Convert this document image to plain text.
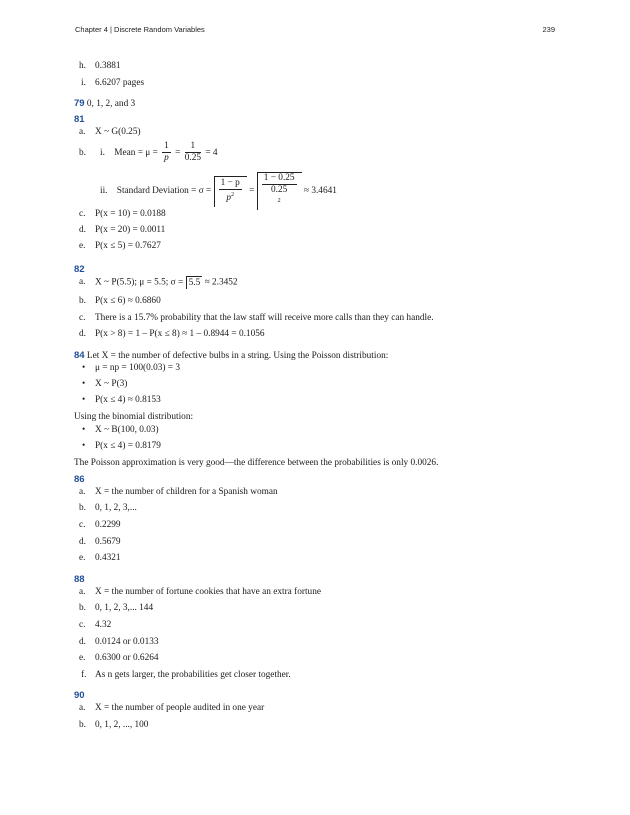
Chapter 4 | Discrete Random Variables	239
h. 0.3881
i. 6.6207 pages
79 0, 1, 2, and 3
81
a. X ~ G(0.25)
b. i. Mean = $\mu = \frac{1}{p} = \frac{1}{0.25} = 4$
ii. Standard Deviation = $\sigma = \frac{1 - p}{p^2} = 1 - 0.25$
0.25
$^2$ ≈ 3.4641
c. P(x = 10) = 0.0188
d. P(x = 20) = 0.0011
e. P(x ≤ 5) = 0.7627
82
a. X ~ P(5.5); μ = 5.5; σ = 5.5 ≈ 2.3452
b. P(x ≤ 6) ≈ 0.6860
c. There is a 15.7% probability that the law staff will receive more calls than they can handle.
d. P(x > 8) = 1 – P(x ≤ 8) ≈ 1 – 0.8944 = 0.1056
84 Let X = the number of defective bulbs in a string. Using the Poisson distribution:
• μ = np = 100(0.03) = 3
• X ~ P(3)
• P(x ≤ 4) ≈ 0.8153
Using the binomial distribution:
• X ~ B(100, 0.03)
• P(x ≤ 4) = 0.8179
The Poisson approximation is very good—the difference between the probabilities is only 0.0026.
86
a. X = the number of children for a Spanish woman
b. 0, 1, 2, 3,...
c. 0.2299
d. 0.5679
e. 0.4321
88
a. X = the number of fortune cookies that have an extra fortune
b. 0, 1, 2, 3,... 144
c. 4.32
d. 0.0124 or 0.0133
e. 0.6300 or 0.6264
f. As n gets larger, the probabilities get closer together.
90
a. X = the number of people audited in one year
b. 0, 1, 2, ..., 100
